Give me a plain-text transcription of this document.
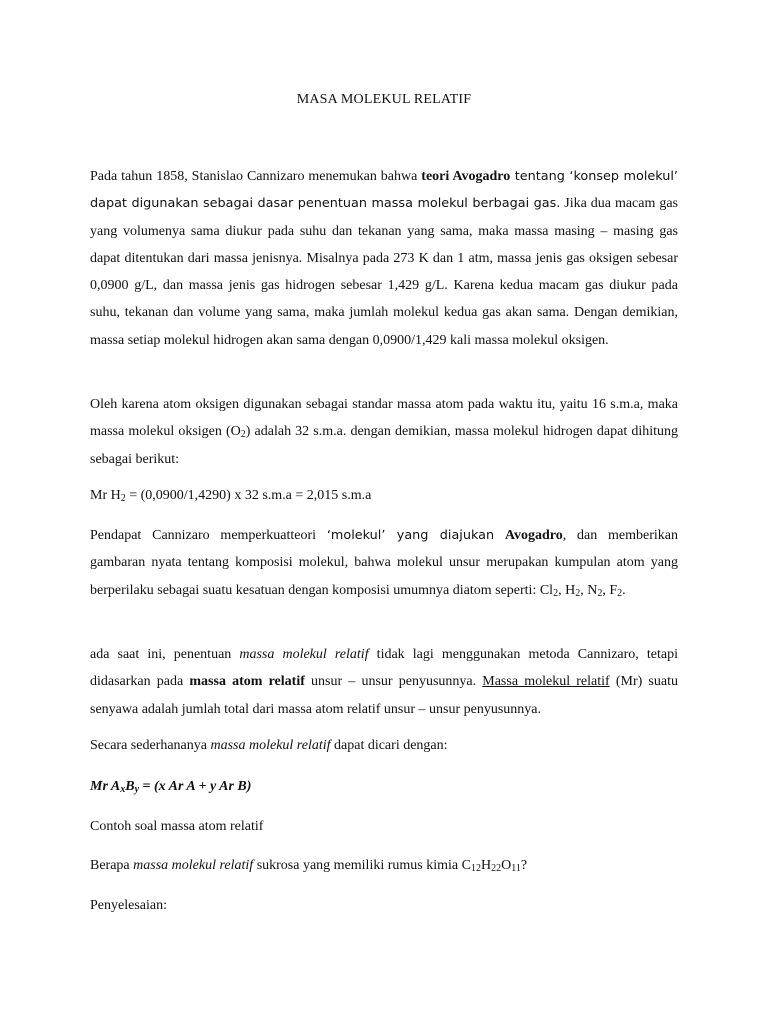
MASA MOLEKUL RELATIF

Pada tahun 1858, Stanislao Cannizaro menemukan bahwa teori Avogadro tentang ‘konsep molekul’ dapat digunakan sebagai dasar penentuan massa molekul berbagai gas. Jika dua macam gas yang volumenya sama diukur pada suhu dan tekanan yang sama, maka massa masing – masing gas dapat ditentukan dari massa jenisnya. Misalnya pada 273 K dan 1 atm, massa jenis gas oksigen sebesar 0,0900 g/L, dan massa jenis gas hidrogen sebesar 1,429 g/L. Karena kedua macam gas diukur pada suhu, tekanan dan volume yang sama, maka jumlah molekul kedua gas akan sama. Dengan demikian, massa setiap molekul hidrogen akan sama dengan 0,0900/1,429 kali massa molekul oksigen.

Oleh karena atom oksigen digunakan sebagai standar massa atom pada waktu itu, yaitu 16 s.m.a, maka massa molekul oksigen $(O_2)$ adalah 32 s.m.a. dengan demikian, massa molekul hidrogen dapat dihitung sebagai berikut:

Mr $H_2 = (0,0900/1,4290)$ x 32 s.m.a = 2,015 s.m.a

Pendapat Cannizaro memperkuatteori ‘molekul’ yang diajukan Avogadro, dan memberikan gambaran nyata tentang komposisi molekul, bahwa molekul unsur merupakan kumpulan atom yang berperilaku sebagai suatu kesatuan dengan komposisi umumnya diatom seperti: $Cl_2$, $H_2$, $N_2$, $F_2$.

ada saat ini, penentuan massa molekul relatif tidak lagi menggunakan metoda Cannizaro, tetapi didasarkan pada massa atom relatif unsur – unsur penyusunnya. Massa molekul relatif (Mr) suatu senyawa adalah jumlah total dari massa atom relatif unsur – unsur penyusunnya.

Secara sederhananya massa molekul relatif dapat dicari dengan:

Mr $A_xB_y = (x$ Ar A + y Ar B)

Contoh soal massa atom relatif

Berapa massa molekul relatif sukrosa yang memiliki rumus kimia $C_{12}H_{22}O_{11}$?

Penyelesaian:
